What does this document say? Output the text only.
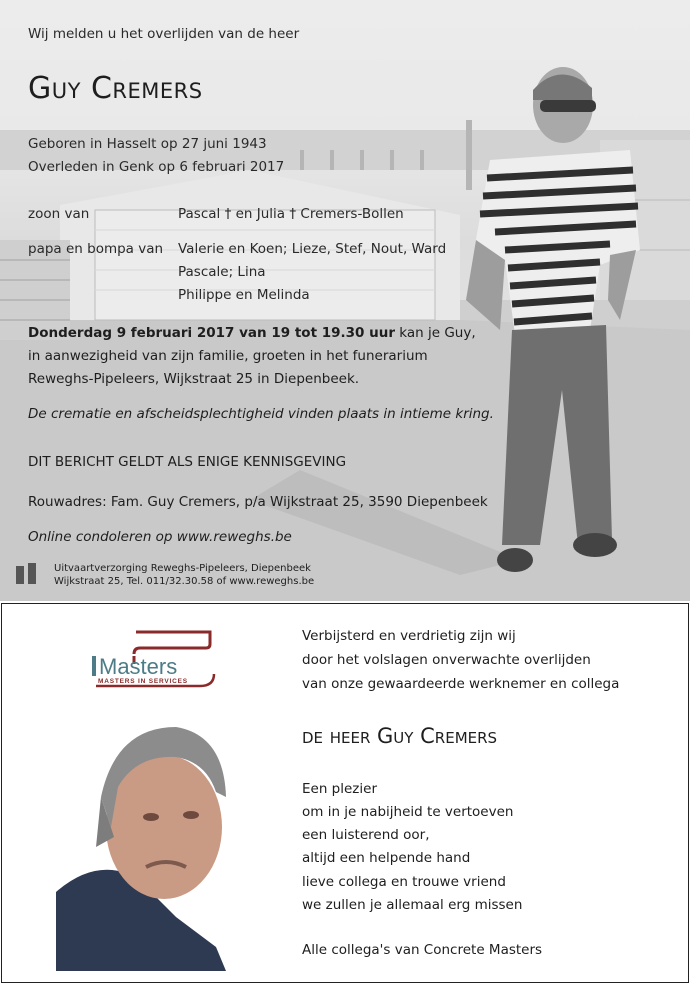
Wij melden u het overlijden van de heer
Guy Cremers
Geboren in Hasselt op 27 juni 1943
Overleden in Genk op 6 februari 2017
zoon van	Pascal † en Julia † Cremers-Bollen
papa en bompa van Valerie en Koen; Lieze, Stef, Nout, Ward
Pascale; Lina
Philippe en Melinda
Donderdag 9 februari 2017 van 19 tot 19.30 uur kan je Guy,
in aanwezigheid van zijn familie, groeten in het funerarium
Reweghs-Pipeleers, Wijkstraat 25 in Diepenbeek.
De crematie en afscheidsplechtigheid vinden plaats in intieme kring.
DIT BERICHT GELDT ALS ENIGE KENNISGEVING
Rouwadres: Fam. Guy Cremers, p/a Wijkstraat 25, 3590 Diepenbeek
Online condoleren op www.reweghs.be
Uitvaartverzorging Reweghs-Pipeleers, Diepenbeek
Wijkstraat 25, Tel. 011/32.30.58 of www.reweghs.be
Masters
MASTERS IN SERVICES
Verbijsterd en verdrietig zijn wij
door het volslagen onverwachte overlijden
van onze gewaardeerde werknemer en collega
de heer Guy Cremers
Een plezier
om in je nabijheid te vertoeven
een luisterend oor,
altijd een helpende hand
lieve collega en trouwe vriend
we zullen je allemaal erg missen
Alle collega's van Concrete Masters
